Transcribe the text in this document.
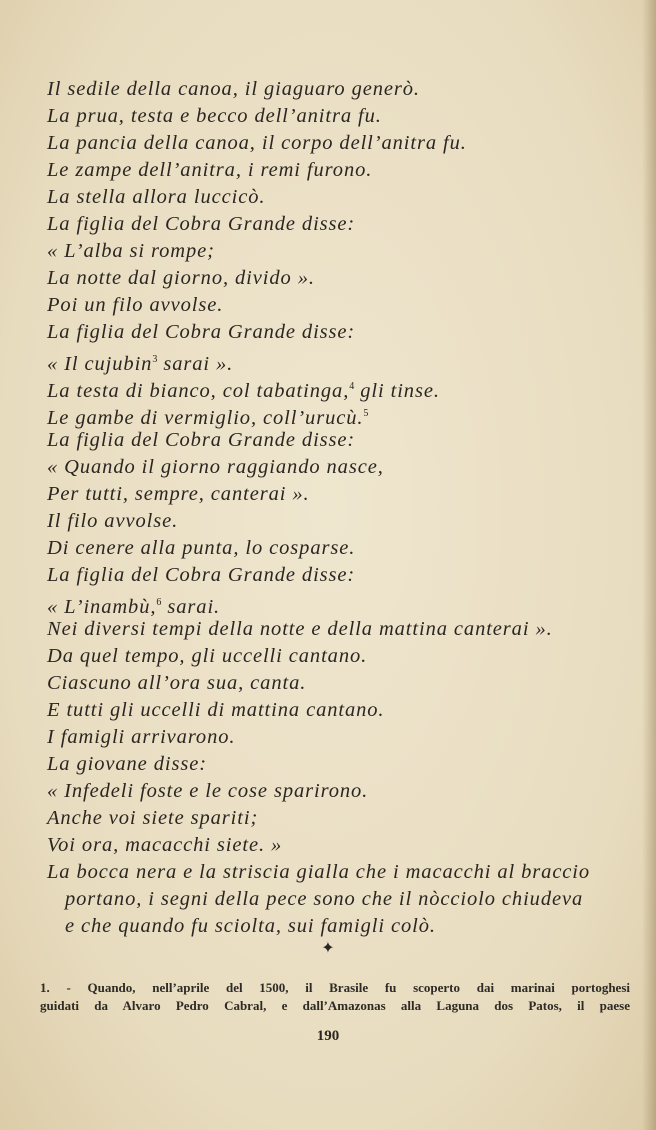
Il sedile della canoa, il giaguaro generò.
La prua, testa e becco dell’anitra fu.
La pancia della canoa, il corpo dell’anitra fu.
Le zampe dell’anitra, i remi furono.
La stella allora luccicò.
La figlia del Cobra Grande disse:
« L’alba si rompe;
La notte dal giorno, divido ».
Poi un filo avvolse.
La figlia del Cobra Grande disse:
« Il cujubin$^3$ sarai ».
La testa di bianco, col tabatinga,$^4$ gli tinse.
Le gambe di vermiglio, coll’urucù.$^5$
La figlia del Cobra Grande disse:
« Quando il giorno raggiando nasce,
Per tutti, sempre, canterai ».
Il filo avvolse.
Di cenere alla punta, lo cosparse.
La figlia del Cobra Grande disse:
« L’inambù,$^6$ sarai.
Nei diversi tempi della notte e della mattina canterai ».
Da quel tempo, gli uccelli cantano.
Ciascuno all’ora sua, canta.
E tutti gli uccelli di mattina cantano.
I famigli arrivarono.
La giovane disse:
« Infedeli foste e le cose sparirono.
Anche voi siete spariti;
Voi ora, macacchi siete. »
La bocca nera e la striscia gialla che i macacchi al braccio
portano, i segni della pece sono che il nòcciolo chiudeva
e che quando fu sciolta, sui famigli colò.
✦
1. - Quando, nell’aprile del 1500, il Brasile fu scoperto dai marinai portoghesi
guidati da Alvaro Pedro Cabral, e dall’Amazonas alla Laguna dos Patos, il paese
190
